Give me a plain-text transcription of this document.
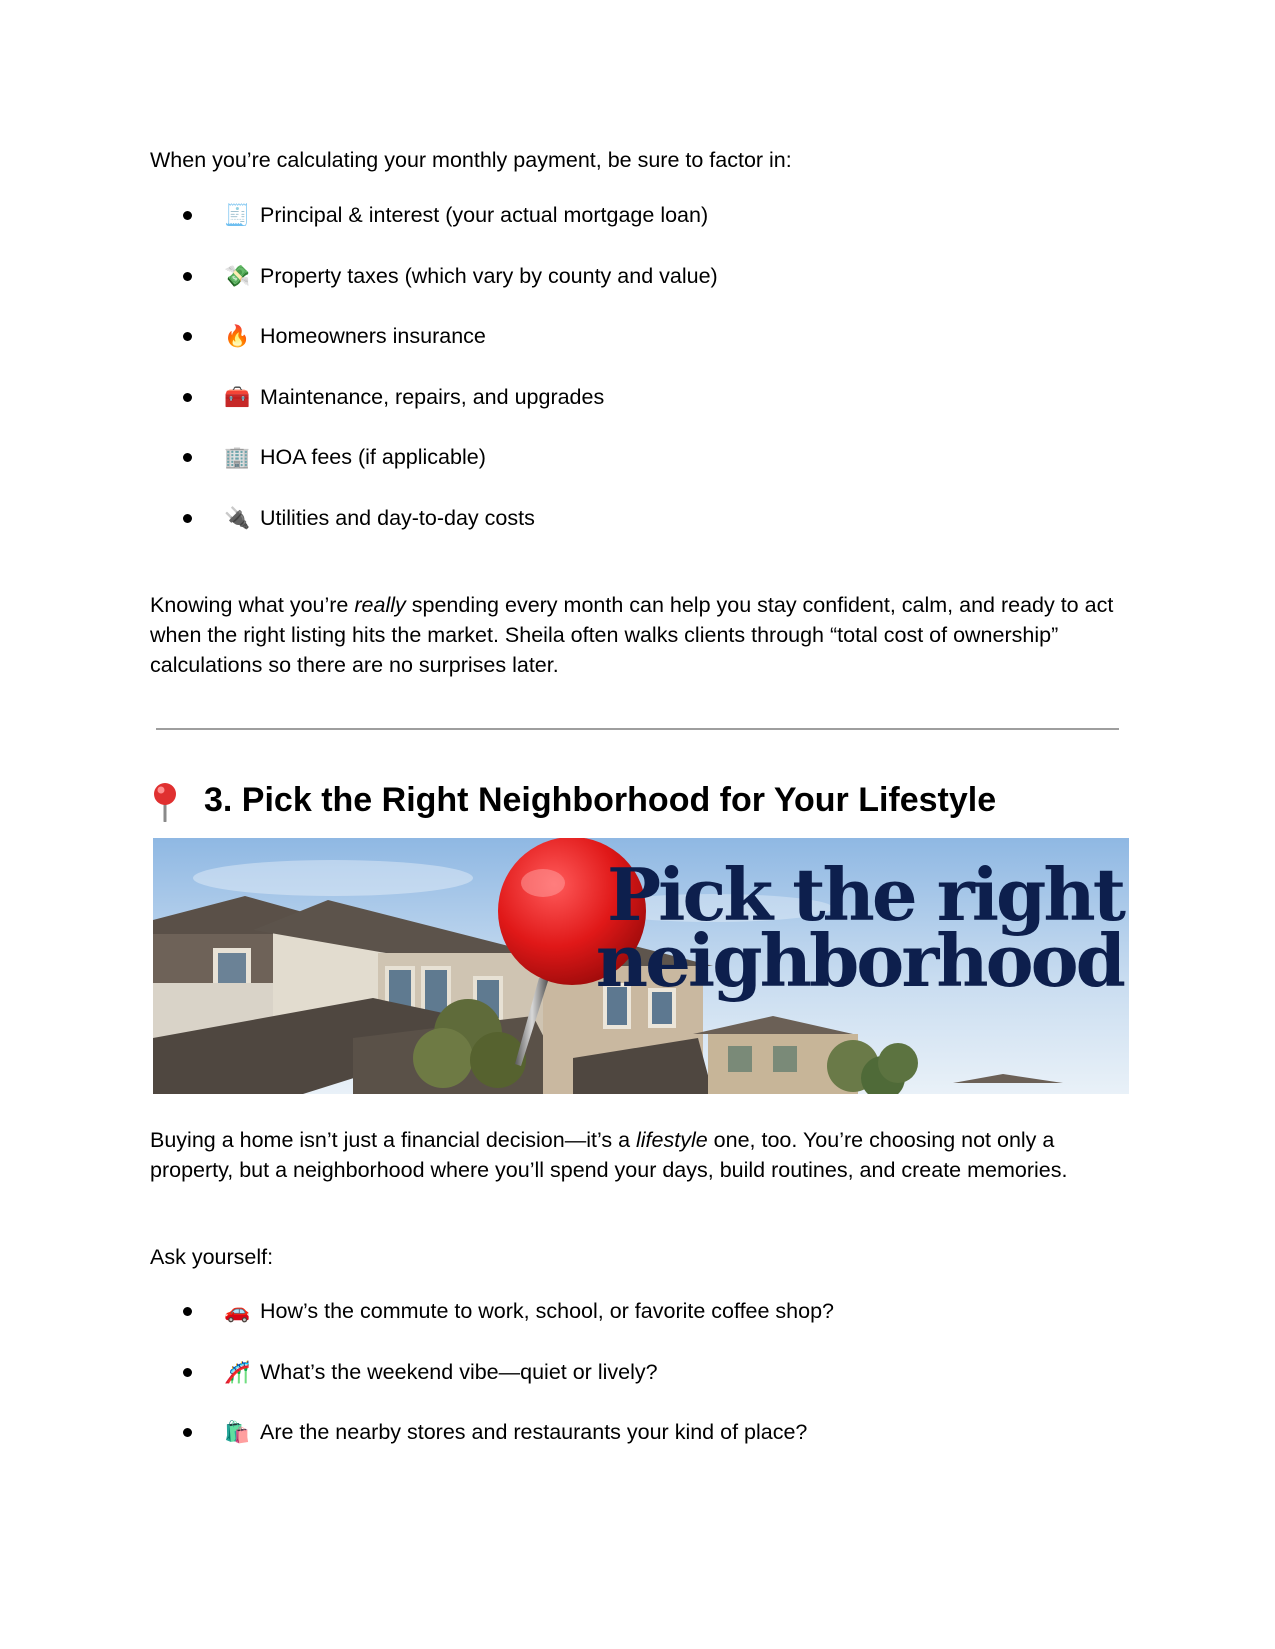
When you’re calculating your monthly payment, be sure to factor in:

🧾 Principal & interest (your actual mortgage loan)
💸 Property taxes (which vary by county and value)
🔥 Homeowners insurance
🧰 Maintenance, repairs, and upgrades
🏢 HOA fees (if applicable)
🔌 Utilities and day-to-day costs

Knowing what you’re really spending every month can help you stay confident, calm, and ready to act when the right listing hits the market. Sheila often walks clients through “total cost of ownership” calculations so there are no surprises later.

3. Pick the Right Neighborhood for Your Lifestyle
Pick the right
neighborhood

Buying a home isn’t just a financial decision—it’s a lifestyle one, too. You’re choosing not only a property, but a neighborhood where you’ll spend your days, build routines, and create memories.

Ask yourself:

🚗 How’s the commute to work, school, or favorite coffee shop?
🎢 What’s the weekend vibe—quiet or lively?
🛍️ Are the nearby stores and restaurants your kind of place?
